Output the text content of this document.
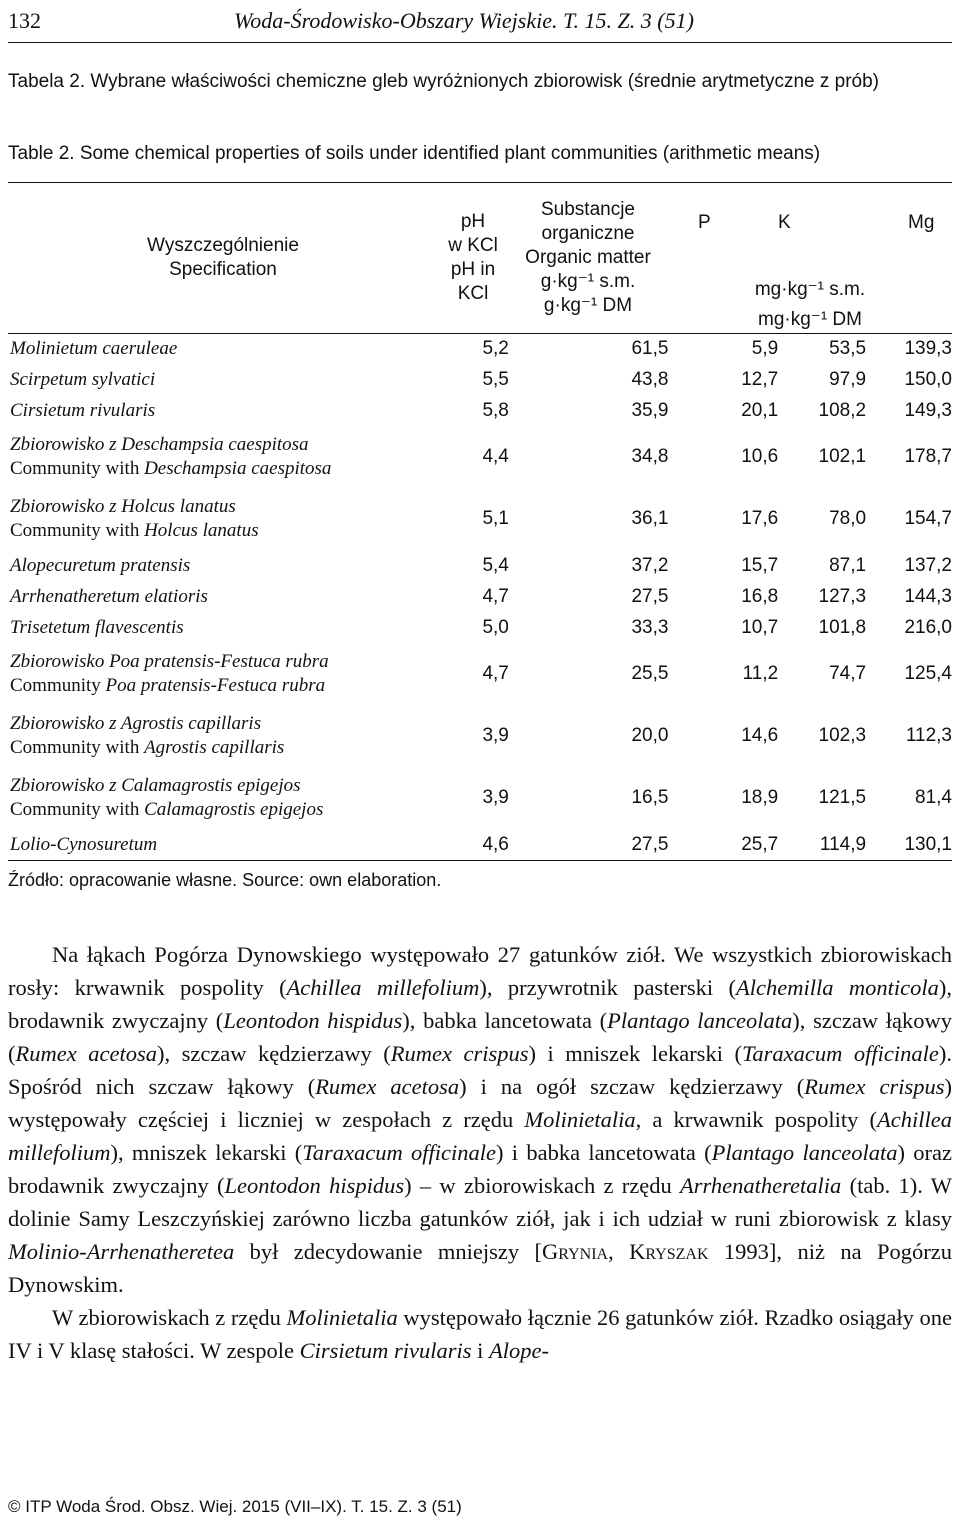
132	Woda-Środowisko-Obszary Wiejskie. T. 15. Z. 3 (51)
Tabela 2. Wybrane właściwości chemiczne gleb wyróżnionych zbiorowisk (średnie arytmetyczne z prób)
Table 2. Some chemical properties of soils under identified plant communities (arithmetic means)
Wyszczególnienie
Specification

pH
w KCl
pH in
KCl

Substancje
organiczne
Organic matter
g·kg⁻¹ s.m.
g·kg⁻¹ DM

P	K	Mg
mg·kg⁻¹ s.m.
mg·kg⁻¹ DM
Molinietum caeruleae	5,2	61,5	5,9	53,5	139,3
Scirpetum sylvatici	5,5	43,8	12,7	97,9	150,0
Cirsietum rivularis	5,8	35,9	20,1	108,2	149,3

Zbiorowisko z Deschampsia caespitosa
Community with Deschampsia caespitosa	4,4	34,8	10,6	102,1	178,7

Zbiorowisko z Holcus lanatus
Community with Holcus lanatus	5,1	36,1	17,6	78,0	154,7
Alopecuretum pratensis	5,4	37,2	15,7	87,1	137,2
Arrhenatheretum elatioris	4,7	27,5	16,8	127,3	144,3
Trisetetum flavescentis	5,0	33,3	10,7	101,8	216,0

Zbiorowisko Poa pratensis-Festuca rubra
Community Poa pratensis-Festuca rubra	4,7	25,5	11,2	74,7	125,4

Zbiorowisko z Agrostis capillaris
Community with Agrostis capillaris	3,9	20,0	14,6	102,3	112,3

Zbiorowisko z Calamagrostis epigejos
Community with Calamagrostis epigejos	3,9	16,5	18,9	121,5	81,4
Lolio-Cynosuretum	4,6	27,5	25,7	114,9	130,1
Źródło: opracowanie własne. Source: own elaboration.

Na łąkach Pogórza Dynowskiego występowało 27 gatunków ziół. We wszystkich zbiorowiskach rosły: krwawnik pospolity (Achillea millefolium), przywrotnik pasterski (Alchemilla monticola), brodawnik zwyczajny (Leontodon hispidus), babka lancetowata (Plantago lanceolata), szczaw łąkowy (Rumex acetosa), szczaw kędzierzawy (Rumex crispus) i mniszek lekarski (Taraxacum officinale). Spośród nich szczaw łąkowy (Rumex acetosa) i na ogół szczaw kędzierzawy (Rumex crispus) występowały częściej i liczniej w zespołach z rzędu Molinietalia, a krwawnik pospolity (Achillea millefolium), mniszek lekarski (Taraxacum officinale) i babka lancetowata (Plantago lanceolata) oraz brodawnik zwyczajny (Leontodon hispidus) – w zbiorowiskach z rzędu Arrhenatheretalia (tab. 1). W dolinie Samy Leszczyńskiej zarówno liczba gatunków ziół, jak i ich udział w runi zbiorowisk z klasy Molinio-Arrhenatheretea był zdecydowanie mniejszy [Grynia, Kryszak 1993], niż na Pogórzu Dynowskim.

W zbiorowiskach z rzędu Molinietalia występowało łącznie 26 gatunków ziół. Rzadko osiągały one IV i V klasę stałości. W zespole Cirsietum rivularis i Alope-

© ITP Woda Środ. Obsz. Wiej. 2015 (VII–IX). T. 15. Z. 3 (51)
